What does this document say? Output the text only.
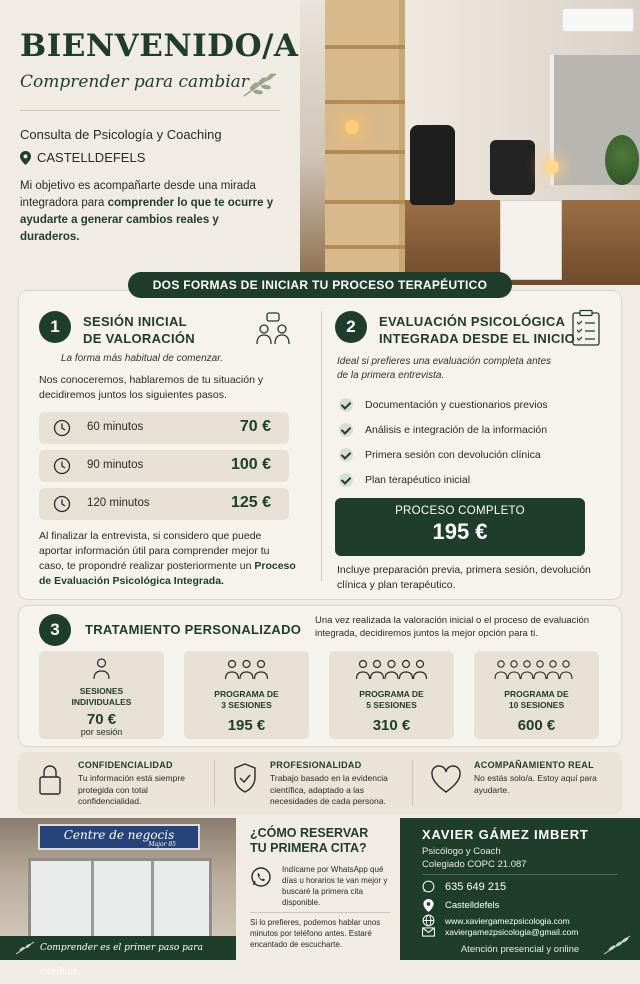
BIENVENIDO/A
Comprender para cambiar
Consulta de Psicología y Coaching
CASTELLDEFELS
Mi objetivo es acompañarte desde una mirada integradora para comprender lo que te ocurre y ayudarte a generar cambios reales y duraderos.
DOS FORMAS DE INICIAR TU PROCESO TERAPÉUTICO
1	SESIÓN INICIAL
DE VALORACIÓN
La forma más habitual de comenzar.
Nos conoceremos, hablaremos de tu situación y decidiremos juntos los siguientes pasos.
60 minutos	70 €
90 minutos	100 €
120 minutos	125 €
Al finalizar la entrevista, si considero que puede aportar información útil para comprender mejor tu caso, te propondré realizar posteriormente un Proceso de Evaluación Psicológica Integrada.
2	EVALUACIÓN PSICOLÓGICA
INTEGRADA DESDE EL INICIO
Ideal si prefieres una evaluación completa antes de la primera entrevista.
Documentación y cuestionarios previos
Análisis e integración de la información
Primera sesión con devolución clínica
Plan terapéutico inicial
PROCESO COMPLETO
195 €
Incluye preparación previa, primera sesión, devolución clínica y plan terapéutico.
3	TRATAMIENTO PERSONALIZADO
Una vez realizada la valoración inicial o el proceso de evaluación integrada, decidiremos juntos la mejor opción para ti.
SESIONES
INDIVIDUALES
70 €
por sesión
PROGRAMA DE
3 SESIONES
195 €
PROGRAMA DE
5 SESIONES
310 €
PROGRAMA DE
10 SESIONES
600 €
CONFIDENCIALIDAD
Tu información está siempre protegida con total confidencialidad.
PROFESIONALIDAD
Trabajo basado en la evidencia científica, adaptado a las necesidades de cada persona.
ACOMPAÑAMIENTO REAL
No estás solo/a. Estoy aquí para ayudarte.
Centre de negocis
Major 85
Comprender es el primer paso para cambiar.
¿CÓMO RESERVAR
TU PRIMERA CITA?
Indícame por WhatsApp qué días u horarios te van mejor y buscaré la primera cita disponible.
Si lo prefieres, podemos hablar unos minutos por teléfono antes. Estaré encantado de escucharte.
XAVIER GÁMEZ IMBERT
Psicólogo y Coach
Colegiado COPC 21.087
635 649 215
Castelldefels
www.xaviergamezpsicologia.com
xaviergamezpsicologia@gmail.com
Atención presencial y online
